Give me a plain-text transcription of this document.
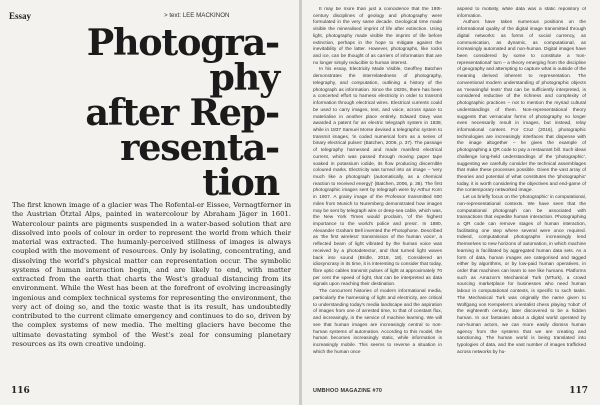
Essay	> text: LEE MACKINON
Photogra-
phy
after Rep-
resenta-
tion

The first known image of a glacier was The Rofental-er Eissee, Vernagtferner in the Austrian Ötztal Alps, painted in watercolour by Abraham Jäger in 1601. Watercolour paints are pigments suspended in a water-based solution that are dissolved into pools of colour in order to represent the world from which their material was extracted. The humanly-perceived stillness of images is always coupled with the movement of resources. Only by isolating, concentrating, and dissolving the world's physical matter can representation occur. The symbolic systems of human interaction begin, and are likely to end, with matter extracted from the earth that charts the West's gradual distancing from its environment. While the West has been at the forefront of evolving increasingly ingenious and complex technical systems for representing the environment, the very act of doing so, and the toxic waste that is its result, has undoubtedly contributed to the current climate emergency and continues to do so, driven by the complex systems of new media. The melting glaciers have become the ultimate devastating symbol of the West's zeal for consuming planetary resources as its own creative undoing.

116

It may be more than just a coincidence that the 19th-century disciplines of geology and photography were formulated in the very same decade. Geological time made visible the mineralised imprint of life after extinction. Using light, photography made visible the imprint of life before extinction, perhaps in the hope to mitigate against the inevitability of the latter. However, photographs, like rocks and ice, can be thought of as carriers of information that are no longer simply reducible to human interest.

In his essay, Electricity Made Visible, Geoffrey Batchen demonstrates the interrelatedness of photography, telegraphy, and computation, outlining a history of the photograph as information. Since the 1820s, there has been a concerted effort to harness electricity in order to transmit information through electrical wires. Electrical currents could be used to carry images, text, and voice, across space to materialise in another place entirely. Edward Davy was awarded a patent for an electric telegraph system in 1838, while in 1837 Samuel Morse devised a telegraphic system to transmit images, 'in coded numerical form as a series of binary electrical pulses' (Batchen, 2006, p. 37). The passage of telegraphy harnessed and made manifest electrical current, which was passed through moving paper tape soaked in potassium iodide, its flow producing discernible coloured marks. Electricity was turned into an image – 'very much like a photograph (automatically, as a chemical reaction to received energy)' (Batchen, 2006, p. 36). The first photographic images sent by telegraph were by Arthur Korn in 1907. A grainy image of the Professor transmitted 600 miles from Munich to Nuremberg demonstrated how images may be sent by telegraph wire or deep-sea cable, which was, the New York Times would proclaim, 'of the highest importance to the world's police and press'. In 1880, Alexander Graham Bell invented the Photophone. Described as 'the first wireless' transmission of the human voice', a reflected beam of light vibrated by the human voice was received by a photodetector, and that turned light waves back into sound (Bridle, 2018, 18). Considered an idiosyncrasy in its time, it is interesting to consider that today, fibre optic cables transmit pulses of light at approximately 70 per cent the speed of light, that can be interpreted as data signals upon reaching their destination.

The concurrent histories of modern informational media, particularly the harnessing of light and electricity, are critical to understanding today's media landscape and the aspiration of images from one of arrested time, to that of constant flux, and increasingly, in the service of machine learning. We will see that human images are increasingly central to non-human systems of automation. According to this model, the human becomes increasingly static, while information is increasingly mobile. This seems to reverse a situation in which the human once

aspired to mobility, while data was a static repository of information.

Authors have taken numerous positions on the informational quality of the digital image transmitted through digital networks: as forms of social currency, as communication, as dynamic, as computational, as increasingly automated and non-human. Digital images have been considered by some to constitute a 'non-representational' turn – a theory emerging from the discipline of geography and attempting to capture what is outside of the meaning derived inherent to representation. The conventional modern understanding of photographic objects as 'meaningful texts' that can be sufficiently interpreted, is considered reductive of the richness and complexity of photographic practices – not to mention the myriad cultural understandings of them. Non-representational theory suggests that vernacular forms of photography no longer even necessarily result in images, but instead, relay informational content. For Cruz (2016), photographic technologies are increasingly interfaces that dispense with the image altogether – he gives the example of photographing a QR code to pay a restaurant bill. Such ideas challenge long-held understandings of the 'photographic', suggesting we carefully consider the technical assemblages that make these processes possible. Given the vast array of theories and potential of what constitutes the 'photographic' today, it is worth considering the objectives and end-game of the contemporary networked image.

Let us briefly focus on the 'photographic' in computational, non-representational contexts. We have seen that the computational photograph can be associated with transactions that expedite human interaction. Photographing a QR code can remove stages of human interaction, facilitating one step where several were once required. Indeed, computational photographs increasingly lend themselves to new horizons of automation, in which machine learning is facilitated by aggregated human data sets. As a form of data, human images are categorised and tagged either by algorithms, or by low-paid human operatives, in order that machines can learn to see like humans. Platforms such as Amazon's Mechanical Turk (MTurk), a crowd sourcing marketplace for businesses who need human labour in computational contexts, is specific to such tasks. The Mechanical Turk was originally the name given to Wolfgang von Kempelen's orientalist chess playing 'robot' of the eighteenth century, later discovered to be a hidden human. In our fantasies about a digital world operated by non-human actors, we can more easily dismiss human agency from the systems that we are creating and sanctioning. The human world is being translated into typologies of data, and the vast number of images trafficked across networks by hu-

UMBHOO MAGAZINE #70	117
